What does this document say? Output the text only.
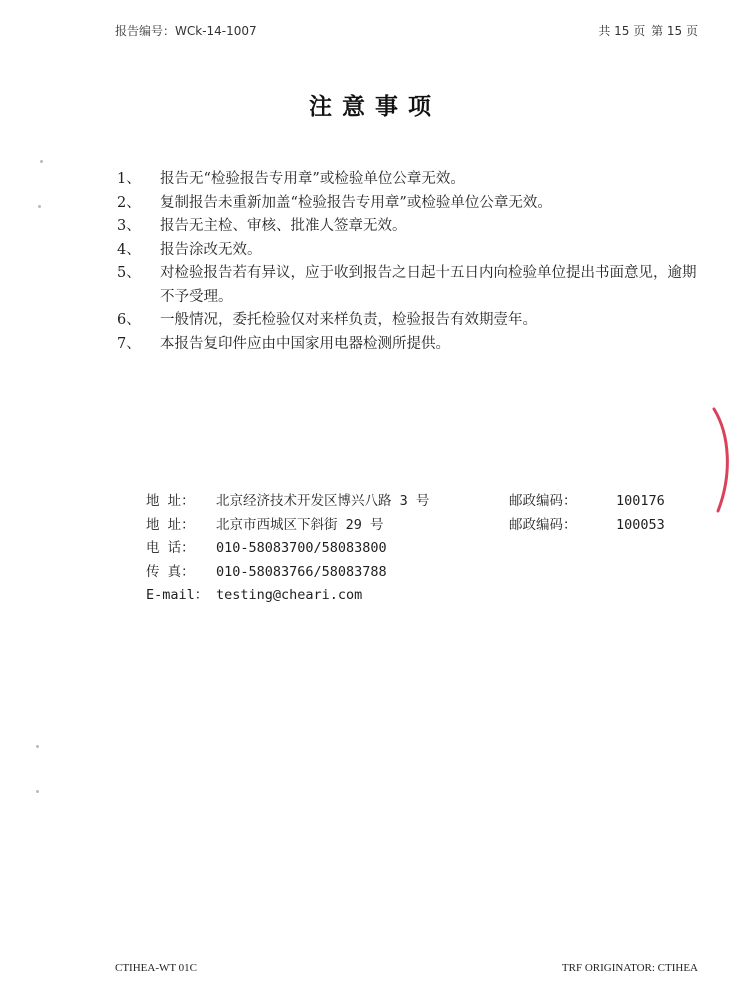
报告编号：WCk-14-1007	共 15 页 第 15 页
注意事项
1、	报告无“检验报告专用章”或检验单位公章无效。
2、	复制报告未重新加盖“检验报告专用章”或检验单位公章无效。
3、	报告无主检、审核、批准人签章无效。
4、	报告涂改无效。
5、	对检验报告若有异议，应于收到报告之日起十五日内向检验单位提出书面意见，逾期不予受理。
6、	一般情况，委托检验仅对来样负责，检验报告有效期壹年。
7、	本报告复印件应由中国家用电器检测所提供。
地 址： 北京经济技术开发区博兴八路 3 号	邮政编码：	100176
地 址： 北京市西城区下斜街 29 号	邮政编码：	100053
电 话： 010-58083700/58083800
传 真： 010-58083766/58083788
E-mail： testing@cheari.com
CTIHEA-WT 01C	TRF ORIGINATOR: CTIHEA
